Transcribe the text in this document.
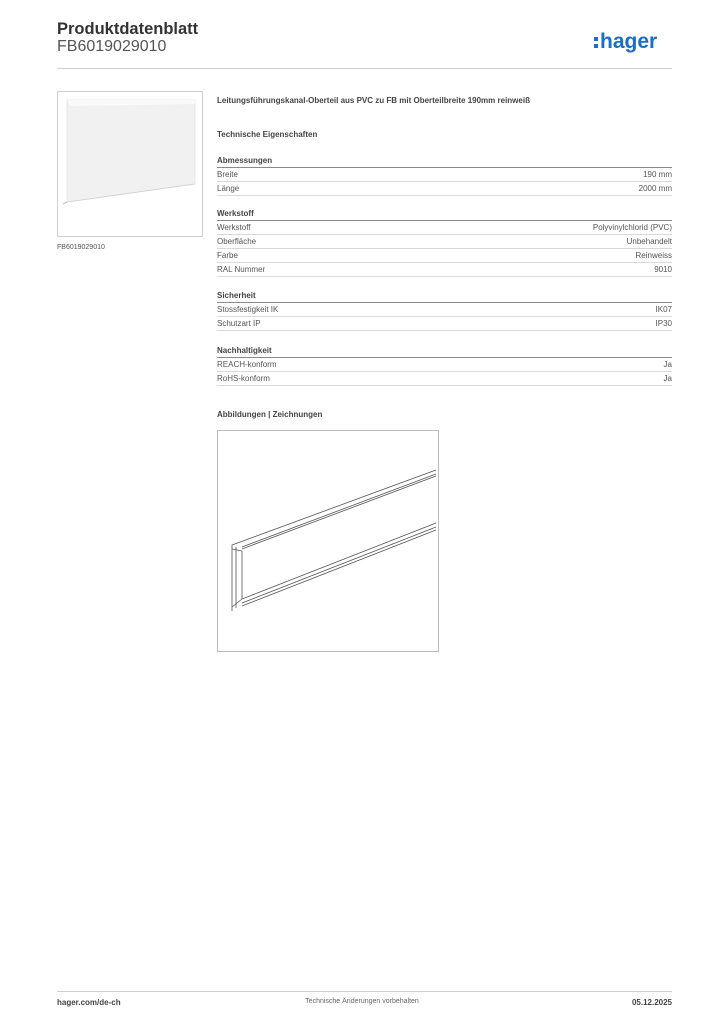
Produktdatenblatt
FB6019029010	hager
FB6019029010
Leitungsführungskanal-Oberteil aus PVC zu FB mit Oberteilbreite 190mm reinweiß
Technische Eigenschaften
Abmessungen
Breite	190 mm
Länge	2000 mm
Werkstoff
Werkstoff	Polyvinylchlorid (PVC)
Oberfläche	Unbehandelt
Farbe	Reinweiss
RAL Nummer	9010
Sicherheit
Stossfestigkeit IK	IK07
Schutzart IP	IP30
Nachhaltigkeit
REACH-konform	Ja
RoHS-konform	Ja
Abbildungen | Zeichnungen
hager.com/de-ch	Technische Änderungen vorbehalten	05.12.2025
